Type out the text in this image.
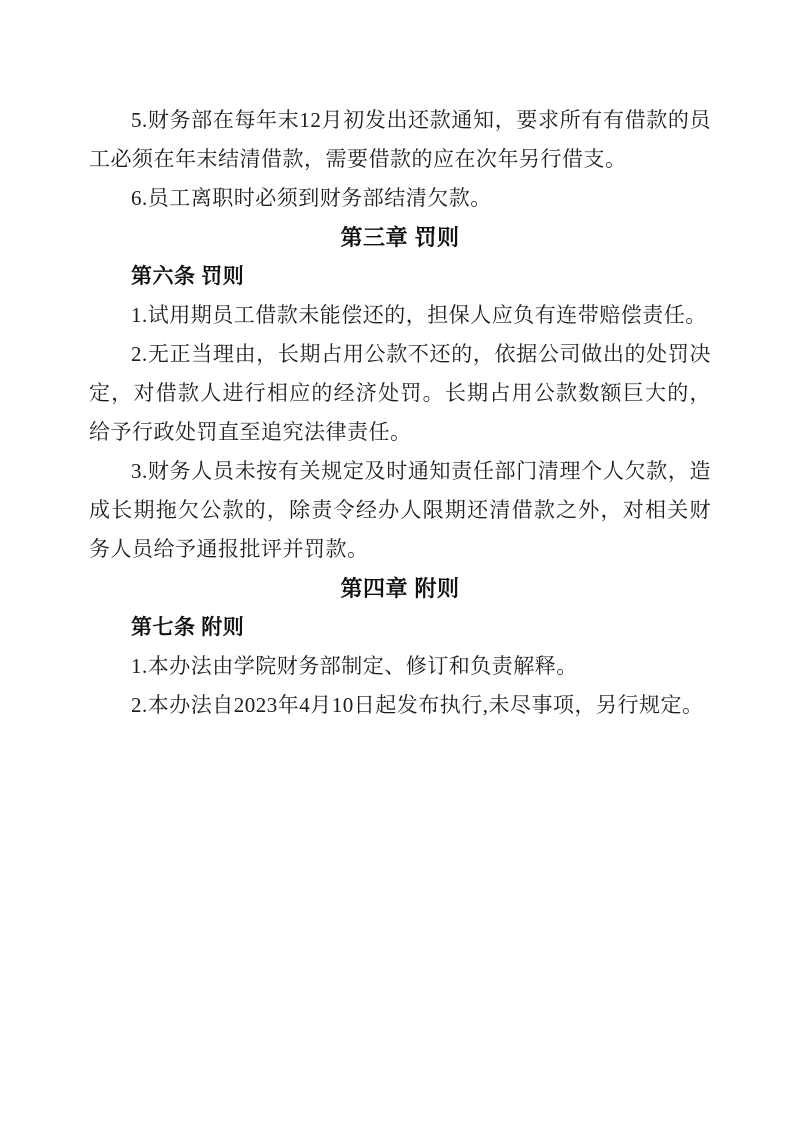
5.财务部在每年末12月初发出还款通知，要求所有有借款的员工必须在年末结清借款，需要借款的应在次年另行借支。
6.员工离职时必须到财务部结清欠款。
第三章 罚则
第六条 罚则
1.试用期员工借款未能偿还的，担保人应负有连带赔偿责任。
2.无正当理由，长期占用公款不还的，依据公司做出的处罚决定，对借款人进行相应的经济处罚。长期占用公款数额巨大的，给予行政处罚直至追究法律责任。
3.财务人员未按有关规定及时通知责任部门清理个人欠款，造成长期拖欠公款的，除责令经办人限期还清借款之外，对相关财务人员给予通报批评并罚款。
第四章 附则
第七条 附则
1.本办法由学院财务部制定、修订和负责解释。
2.本办法自2023年4月10日起发布执行,未尽事项，另行规定。
